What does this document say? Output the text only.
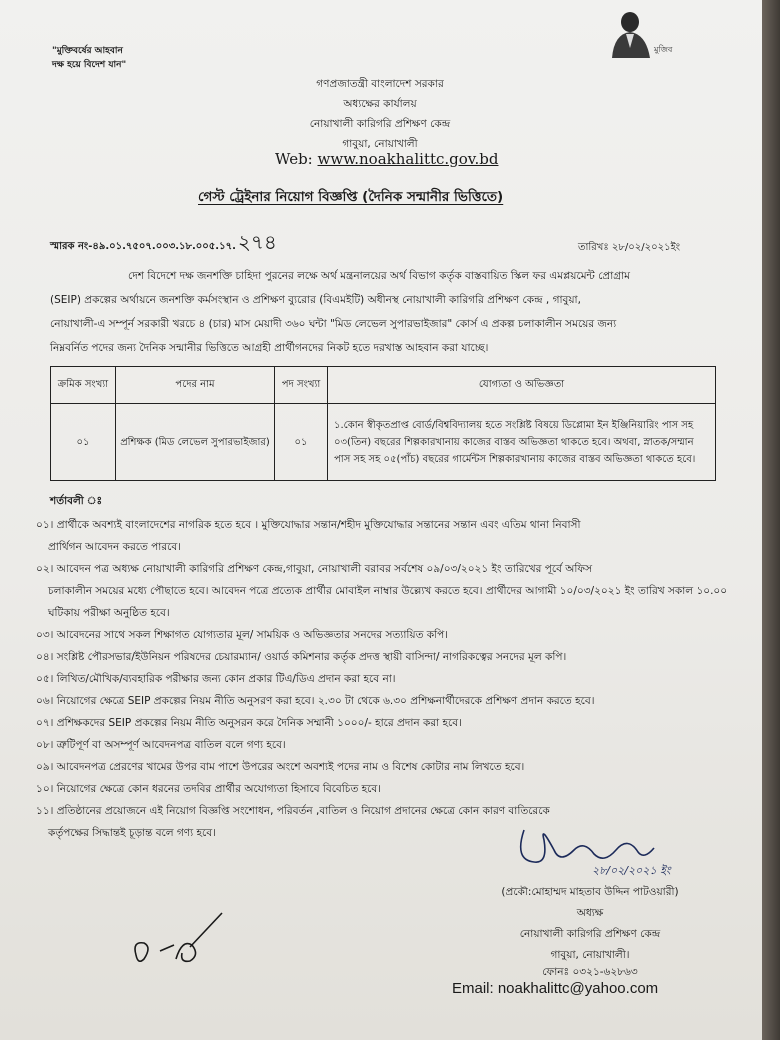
"মুক্তিবর্ষের আহবান
দক্ষ হয়ে বিদেশ যান"
মুজিব
গণপ্রজাতন্ত্রী বাংলাদেশ সরকার
অধ্যক্ষের কার্যালয়
নোয়াখালী কারিগরি প্রশিক্ষণ কেন্দ্র
গাবুয়া, নোয়াখালী
Web: www.noakhalittc.gov.bd
গেস্ট ট্রেইনার নিয়োগ বিজ্ঞপ্তি (দৈনিক সন্মানীর ভিত্তিতে)
স্মারক নং-৪৯.০১.৭৫০৭.০০৩.১৮.০০৫.১৭. ২৭৪	তারিখঃ ২৮/০২/২০২১ইং
দেশ বিদেশে দক্ষ জনশক্তি চাহিদা পুরনের লক্ষে অর্থ মন্ত্রনালয়ের অর্থ বিভাগ কর্তৃক বাস্তবায়িত স্কিল ফর এমপ্লয়মেন্ট প্রোগ্রাম
(SEIP) প্রকল্পের অর্থায়নে জনশক্তি কর্মসংস্থান ও প্রশিক্ষণ ব্যুরোর (বিএমইটি) অধীনস্থ নোয়াখালী কারিগরি প্রশিক্ষণ কেন্দ্র , গাবুয়া,
নোয়াখালী-এ সম্পূর্ন সরকারী খরচে ৪ (চার) মাস মেয়াদী ৩৬০ ঘন্টা "মিড লেভেল সুপারভাইজার" কোর্স এ প্রকল্প চলাকালীন সময়ের জন্য
নিম্নবর্নিত পদের জন্য দৈনিক সন্মানীর ভিত্তিতে আগ্রহী প্রার্থীগনদের নিকট হতে দরখাস্ত আহবান করা যাচ্ছে।
ক্রমিক সংখ্যা	পদের নাম	পদ সংখ্যা	যোগ্যতা ও অভিজ্ঞতা
০১	প্রশিক্ষক (মিড লেভেল সুপারভাইজার)	০১	১.কোন স্বীকৃতপ্রাপ্ত বোর্ড/বিশ্ববিদ্যালয় হতে সংশ্লিষ্ট বিষয়ে ডিপ্লোমা ইন ইঞ্জিনিয়ারিং পাস সহ ০৩(তিন) বছরের শিল্পকারখানায় কাজের বাস্তব অভিজ্ঞতা থাকতে হবে। অথবা, স্নাতক/সম্মান পাস সহ সহ ০৫(পাঁচ) বছরের গার্মেন্টস শিল্পকারখানায় কাজের বাস্তব অভিজ্ঞতা থাকতে হবে।
শর্তাবলী ঃ
০১। প্রার্থীকে অবশ্যই বাংলাদেশের নাগরিক হতে হবে । মুক্তিযোদ্ধার সন্তান/শহীদ মুক্তিযোদ্ধার সন্তানের সন্তান এবং এতিম থানা নিবাসী
প্রার্থিগন আবেদন করতে পারবে।
০২। আবেদন পত্র অধ্যক্ষ নোয়াখালী কারিগরি প্রশিক্ষণ কেন্দ্র,গাবুয়া, নোয়াখালী বরাবর সর্বশেষ ০৯/০৩/২০২১ ইং তারিখের পূর্বে অফিস
চলাকালীন সময়ের মধ্যে পৌছাতে হবে। আবেদন পত্রে প্রত্যেক প্রার্থীর মোবাইল নাম্বার উল্ল্যেখ করতে হবে। প্রার্থীদের আগামী ১০/০৩/২০২১ ইং তারিখ সকাল ১০.০০ ঘটিকায় পরীক্ষা অনুষ্ঠিত হবে।
০৩। আবেদনের সাথে সকল শিক্ষাগত যোগ্যতার মূল/ সাময়িক ও অভিজ্ঞতার সনদের সত্যায়িত কপি।
০৪। সংশ্লিষ্ট পৌরসভার/ইউনিয়ন পরিষদের চেয়ারম্যান/ ওয়ার্ড কমিশনার কর্তৃক প্রদত্ত স্থায়ী বাসিন্দা/ নাগরিকত্বের সনদের মূল কপি।
০৫। লিখিত/মৌখিক/ব্যবহারিক পরীক্ষার জন্য কোন প্রকার টিএ/ডিএ প্রদান করা হবে না।
০৬। নিয়োগের ক্ষেত্রে SEIP প্রকল্পের নিয়ম নীতি অনুসরণ করা হবে। ২.৩০ টা থেকে ৬.৩০ প্রশিক্ষনার্থীদেরকে প্রশিক্ষণ প্রদান করতে হবে।
০৭। প্রশিক্ষকদের SEIP প্রকল্পের নিয়ম নীতি অনুসরন করে দৈনিক সম্মানী ১০০০/- হারে প্রদান করা হবে।
০৮। ত্রুটিপূর্ণ বা অসম্পূর্ণ আবেদনপত্র বাতিল বলে গণ্য হবে।
০৯। আবেদনপত্র প্রেরণের খামের উপর বাম পাশে উপরের অংশে অবশ্যই পদের নাম ও বিশেষ কোটার নাম লিখতে হবে।
১০। নিয়োগের ক্ষেত্রে কোন ধরনের তদবির প্রার্থীর অযোগ্যতা হিসাবে বিবেচিত হবে।
১১। প্রতিষ্ঠানের প্রয়োজনে এই নিয়োগ বিজ্ঞপ্তি সংশোধন, পরিবর্তন ,বাতিল ও নিয়োগ প্রদানের ক্ষেত্রে কোন কারণ বাতিরেকে
কর্তৃপক্ষের সিদ্ধান্তই চূড়ান্ত বলে গণ্য হবে।
২৮/০২/২০২১ ইং
(প্রকৌ:মোহাম্মদ মাহতাব উদ্দিন পাটওয়ারী)
অধ্যক্ষ
নোয়াখালী কারিগরি প্রশিক্ষণ কেন্দ্র
গাবুয়া, নোয়াখালী।
ফোনঃ ০৩২১-৬২৮৬৩
Email: noakhalittc@yahoo.com
